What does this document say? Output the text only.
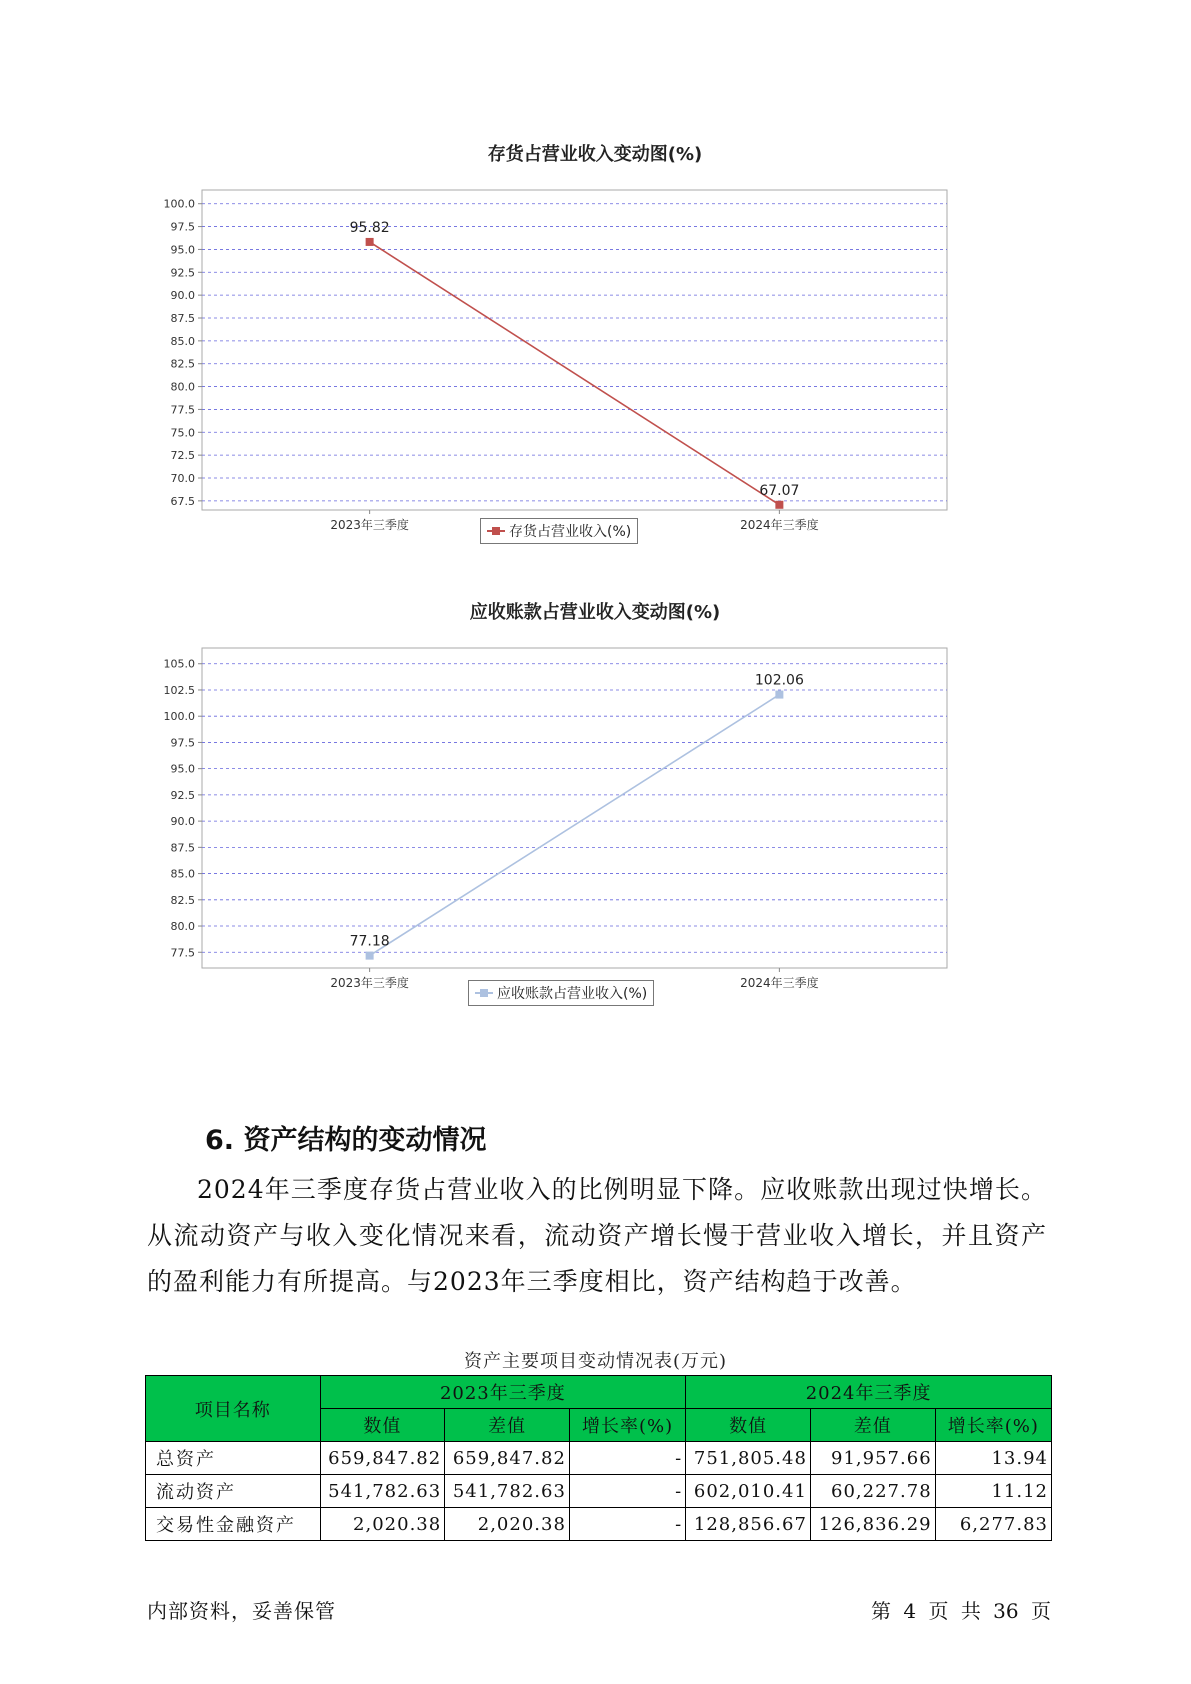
存货占营业收入变动图(%)
100.0
97.5
95.0
92.5
90.0
87.5
85.0
82.5
80.0
77.5
75.0
72.5
70.0
67.5
2023年三季度	2024年三季度
95.82
67.07
存货占营业收入(%)
应收账款占营业收入变动图(%)
105.0
102.5
100.0
97.5
95.0
92.5
90.0
87.5
85.0
82.5
80.0
77.5
2023年三季度	2024年三季度
77.18
102.06
应收账款占营业收入(%)
6. 资产结构的变动情况
2024年三季度存货占营业收入的比例明显下降。应收账款出现过快增长。从流动资产与收入变化情况来看，流动资产增长慢于营业收入增长，并且资产的盈利能力有所提高。与2023年三季度相比，资产结构趋于改善。
资产主要项目变动情况表(万元)
项目名称	2023年三季度			2024年三季度		
	数值	差值	增长率(%)	数值	差值	增长率(%)
总资产	659,847.82	659,847.82	-	751,805.48	91,957.66	13.94
流动资产	541,782.63	541,782.63	-	602,010.41	60,227.78	11.12
交易性金融资产	2,020.38	2,020.38	-	128,856.67	126,836.29	6,277.83
内部资料，妥善保管	第 4 页 共 36 页
